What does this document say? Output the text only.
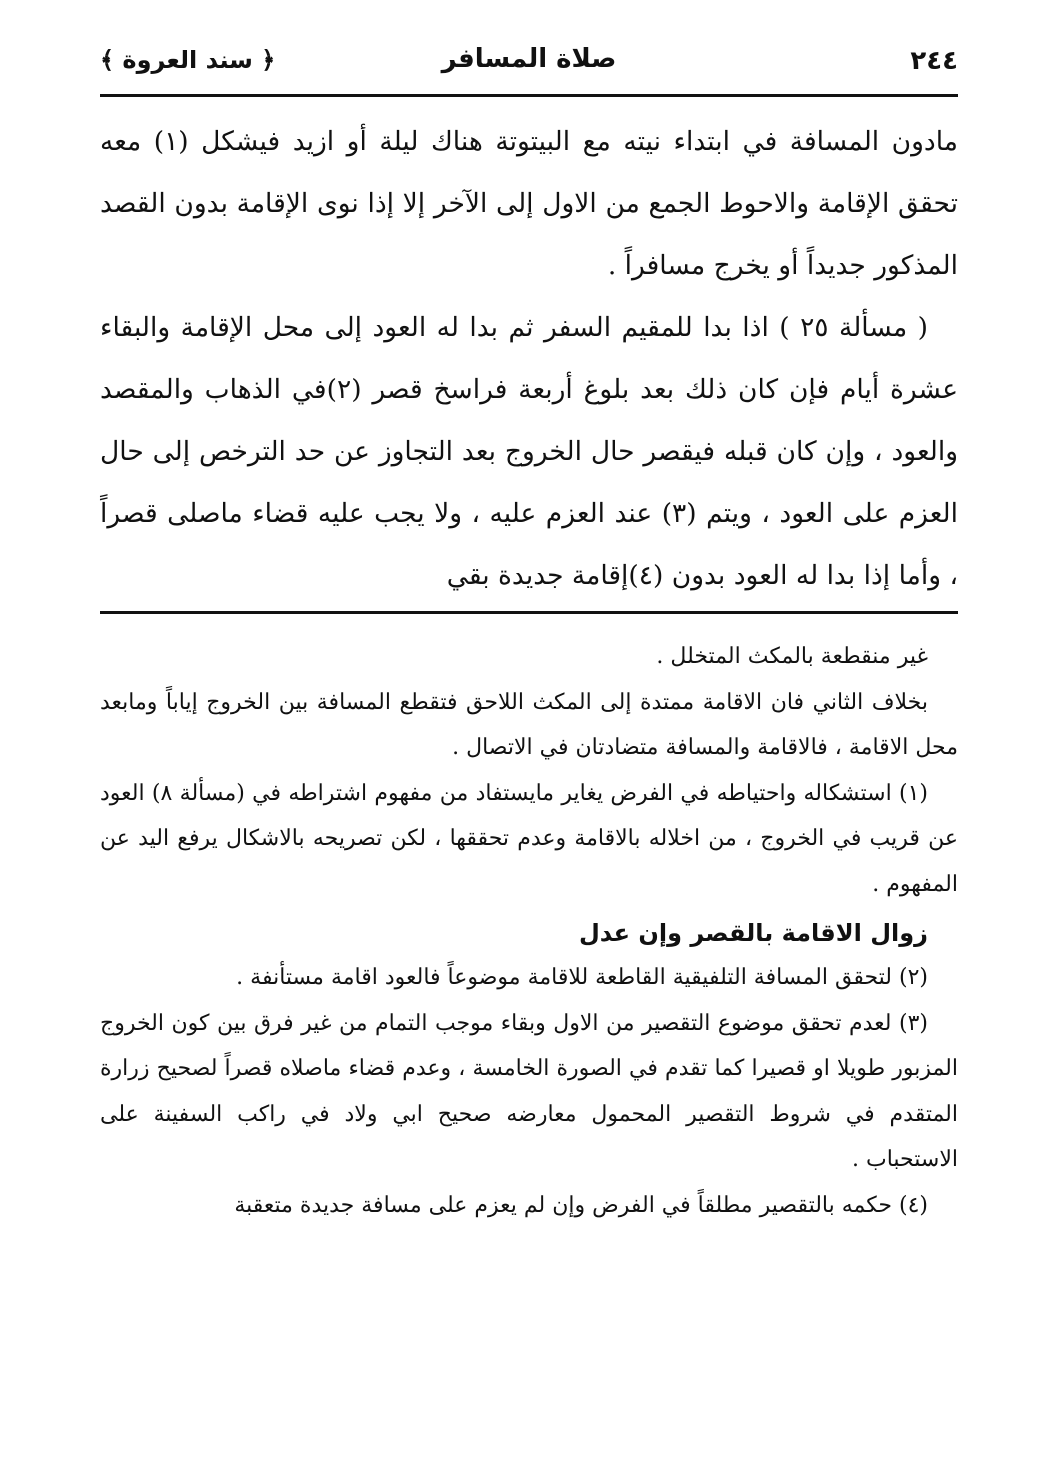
٢٤٤
صلاة المسافر
﴿ سند العروة ﴾

مادون المسافة في ابتداء نيته مع البيتوتة هناك ليلة أو ازيد فيشكل (١) معه تحقق الإقامة والاحوط الجمع من الاول إلى الآخر إلا إذا نوى الإقامة بدون القصد المذكور جديداً أو يخرج مسافراً .

( مسألة ٢٥ ) اذا بدا للمقيم السفر ثم بدا له العود إلى محل الإقامة والبقاء عشرة أيام فإن كان ذلك بعد بلوغ أربعة فراسخ قصر (٢)في الذهاب والمقصد والعود ، وإن كان قبله فيقصر حال الخروج بعد التجاوز عن حد الترخص إلى حال العزم على العود ، ويتم (٣) عند العزم عليه ، ولا يجب عليه قضاء ماصلى قصراً ، وأما إذا بدا له العود بدون (٤)إقامة جديدة بقي

غير منقطعة بالمكث المتخلل .

بخلاف الثاني فان الاقامة ممتدة إلى المكث اللاحق فتقطع المسافة بين الخروج إياباً ومابعد محل الاقامة ، فالاقامة والمسافة متضادتان في الاتصال .

(١) استشكاله واحتياطه في الفرض يغاير مايستفاد من مفهوم اشتراطه في (مسألة ٨) العود عن قريب في الخروج ، من اخلاله بالاقامة وعدم تحققها ، لكن تصريحه بالاشكال يرفع اليد عن المفهوم .

زوال الاقامة بالقصر وإن عدل

(٢) لتحقق المسافة التلفيقية القاطعة للاقامة موضوعاً فالعود اقامة مستأنفة .

(٣) لعدم تحقق موضوع التقصير من الاول وبقاء موجب التمام من غير فرق بين كون الخروج المزبور طويلا او قصيرا كما تقدم في الصورة الخامسة ، وعدم قضاء ماصلاه قصراً لصحيح زرارة المتقدم في شروط التقصير المحمول معارضه صحيح ابي ولاد في راكب السفينة على الاستحباب .

(٤) حكمه بالتقصير مطلقاً في الفرض وإن لم يعزم على مسافة جديدة متعقبة
